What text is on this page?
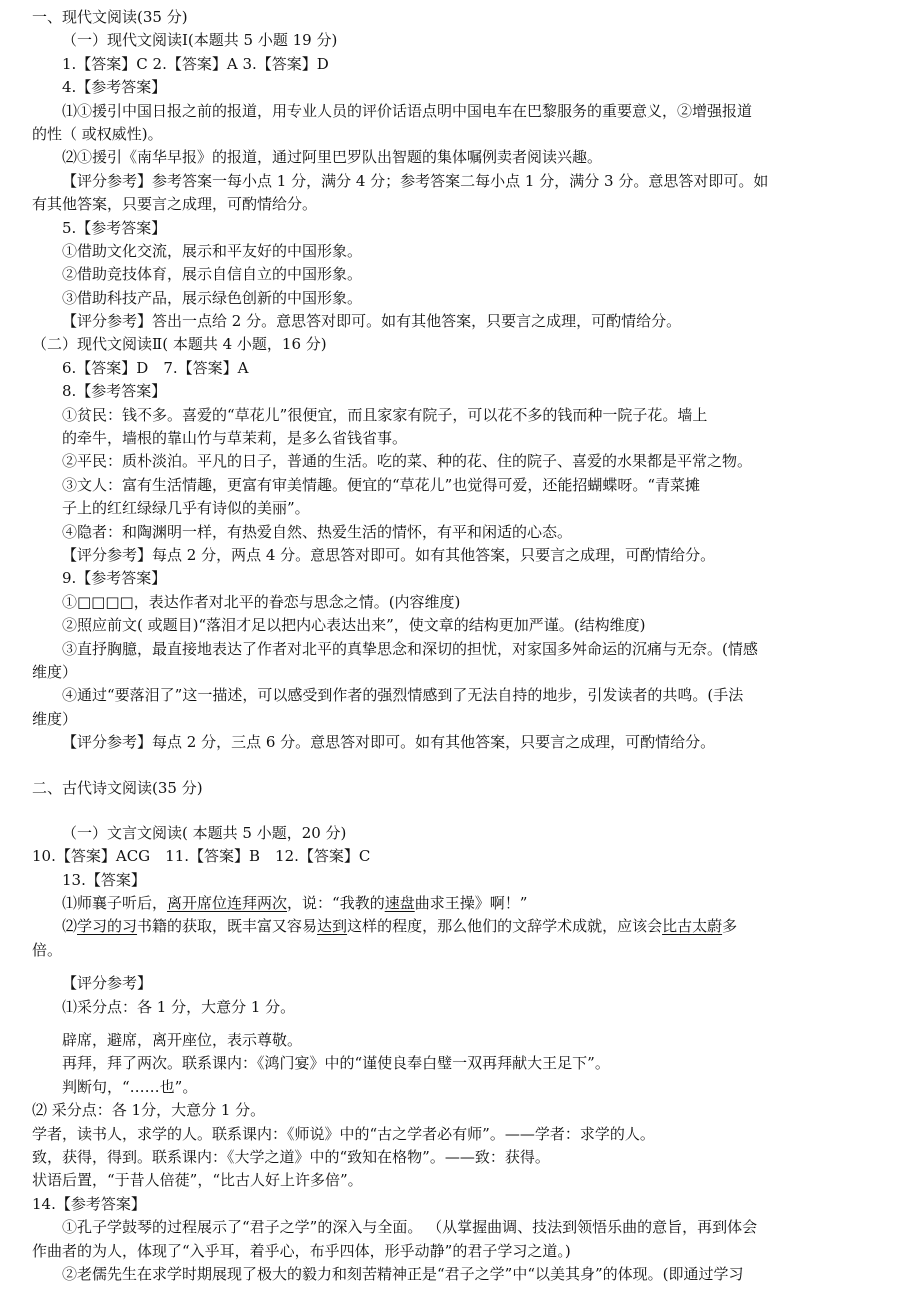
一、现代文阅读(35 分)
（一）现代文阅读Ⅰ(本题共 5 小题 19 分)
1.【答案】C 2.【答案】A 3.【答案】D
4.【参考答案】
⑴①援引中国日报之前的报道，用专业人员的评价话语点明中国电车在巴黎服务的重要意义，②增强报道
的性（ 或权威性)。
⑵①援引《南华早报》的报道，通过阿里巴罗队出智题的集体嘱例卖者阅读兴趣。
【评分参考】参考答案一每小点 1 分，满分 4 分；参考答案二每小点 1 分，满分 3 分。意思答对即可。如
有其他答案，只要言之成理，可酌情给分。
5.【参考答案】
①借助文化交流，展示和平友好的中国形象。
②借助竞技体育，展示自信自立的中国形象。
③借助科技产品，展示绿色创新的中国形象。
【评分参考】答出一点给 2 分。意思答对即可。如有其他答案，只要言之成理，可酌情给分。
（二）现代文阅读Ⅱ( 本题共 4 小题，16 分)
6.【答案】D　7.【答案】A
8.【参考答案】
①贫民：钱不多。喜爱的“草花儿”很便宜，而且家家有院子，可以花不多的钱而种一院子花。墙上
的牵牛，墙根的靠山竹与草茉莉，是多么省钱省事。
②平民：质朴淡泊。平凡的日子，普通的生活。吃的菜、种的花、住的院子、喜爱的水果都是平常之物。
③文人：富有生活情趣，更富有审美情趣。便宜的“草花儿”也觉得可爱，还能招蝴蝶呀。“青菜摊
子上的红红绿绿几乎有诗似的美丽”。
④隐者：和陶渊明一样，有热爱自然、热爱生活的情怀，有平和闲适的心态。
【评分参考】每点 2 分，两点 4 分。意思答对即可。如有其他答案，只要言之成理，可酌情给分。
9.【参考答案】
①□□□□，表达作者对北平的眷恋与思念之情。(内容维度)
②照应前文( 或题目)“落泪才足以把内心表达出来”，使文章的结构更加严谨。(结构维度)
③直抒胸臆，最直接地表达了作者对北平的真挚思念和深切的担忧，对家国多舛命运的沉痛与无奈。(情感
维度）
④通过“要落泪了”这一描述，可以感受到作者的强烈情感到了无法自持的地步，引发读者的共鸣。(手法
维度）
【评分参考】每点 2 分，三点 6 分。意思答对即可。如有其他答案，只要言之成理，可酌情给分。
二、古代诗文阅读(35 分)
（一）文言文阅读( 本题共 5 小题，20 分)
10.【答案】ACG　11.【答案】B　12.【答案】C
13.【答案】
⑴师襄子听后，离开席位连拜两次，说：“我教的速盘曲求王操》啊！”
⑵学习的习书籍的获取，既丰富又容易达到这样的程度，那么他们的文辞学术成就，应该会比古太蔚多
倍。
【评分参考】
⑴采分点：各 1 分，大意分 1 分。
辟席，避席，离开座位，表示尊敬。
再拜，拜了两次。联系课内：《鸿门宴》中的“谨使良奉白璧一双再拜献大王足下”。
判断句，“……也”。
⑵ 采分点：各 1分，大意分 1 分。
学者，读书人，求学的人。联系课内：《师说》中的“古之学者必有师”。——学者：求学的人。
致，获得，得到。联系课内：《大学之道》中的“致知在格物”。——致：获得。
状语后置，“于昔人倍蓰”，“比古人好上许多倍”。
14.【参考答案】
①孔子学鼓琴的过程展示了“君子之学”的深入与全面。 （从掌握曲调、技法到领悟乐曲的意旨，再到体会
作曲者的为人，体现了“入乎耳，着乎心，布乎四体，形乎动静”的君子学习之道。)
②老儒先生在求学时期展现了极大的毅力和刻苦精神正是“君子之学”中“以美其身”的体现。(即通过学习
